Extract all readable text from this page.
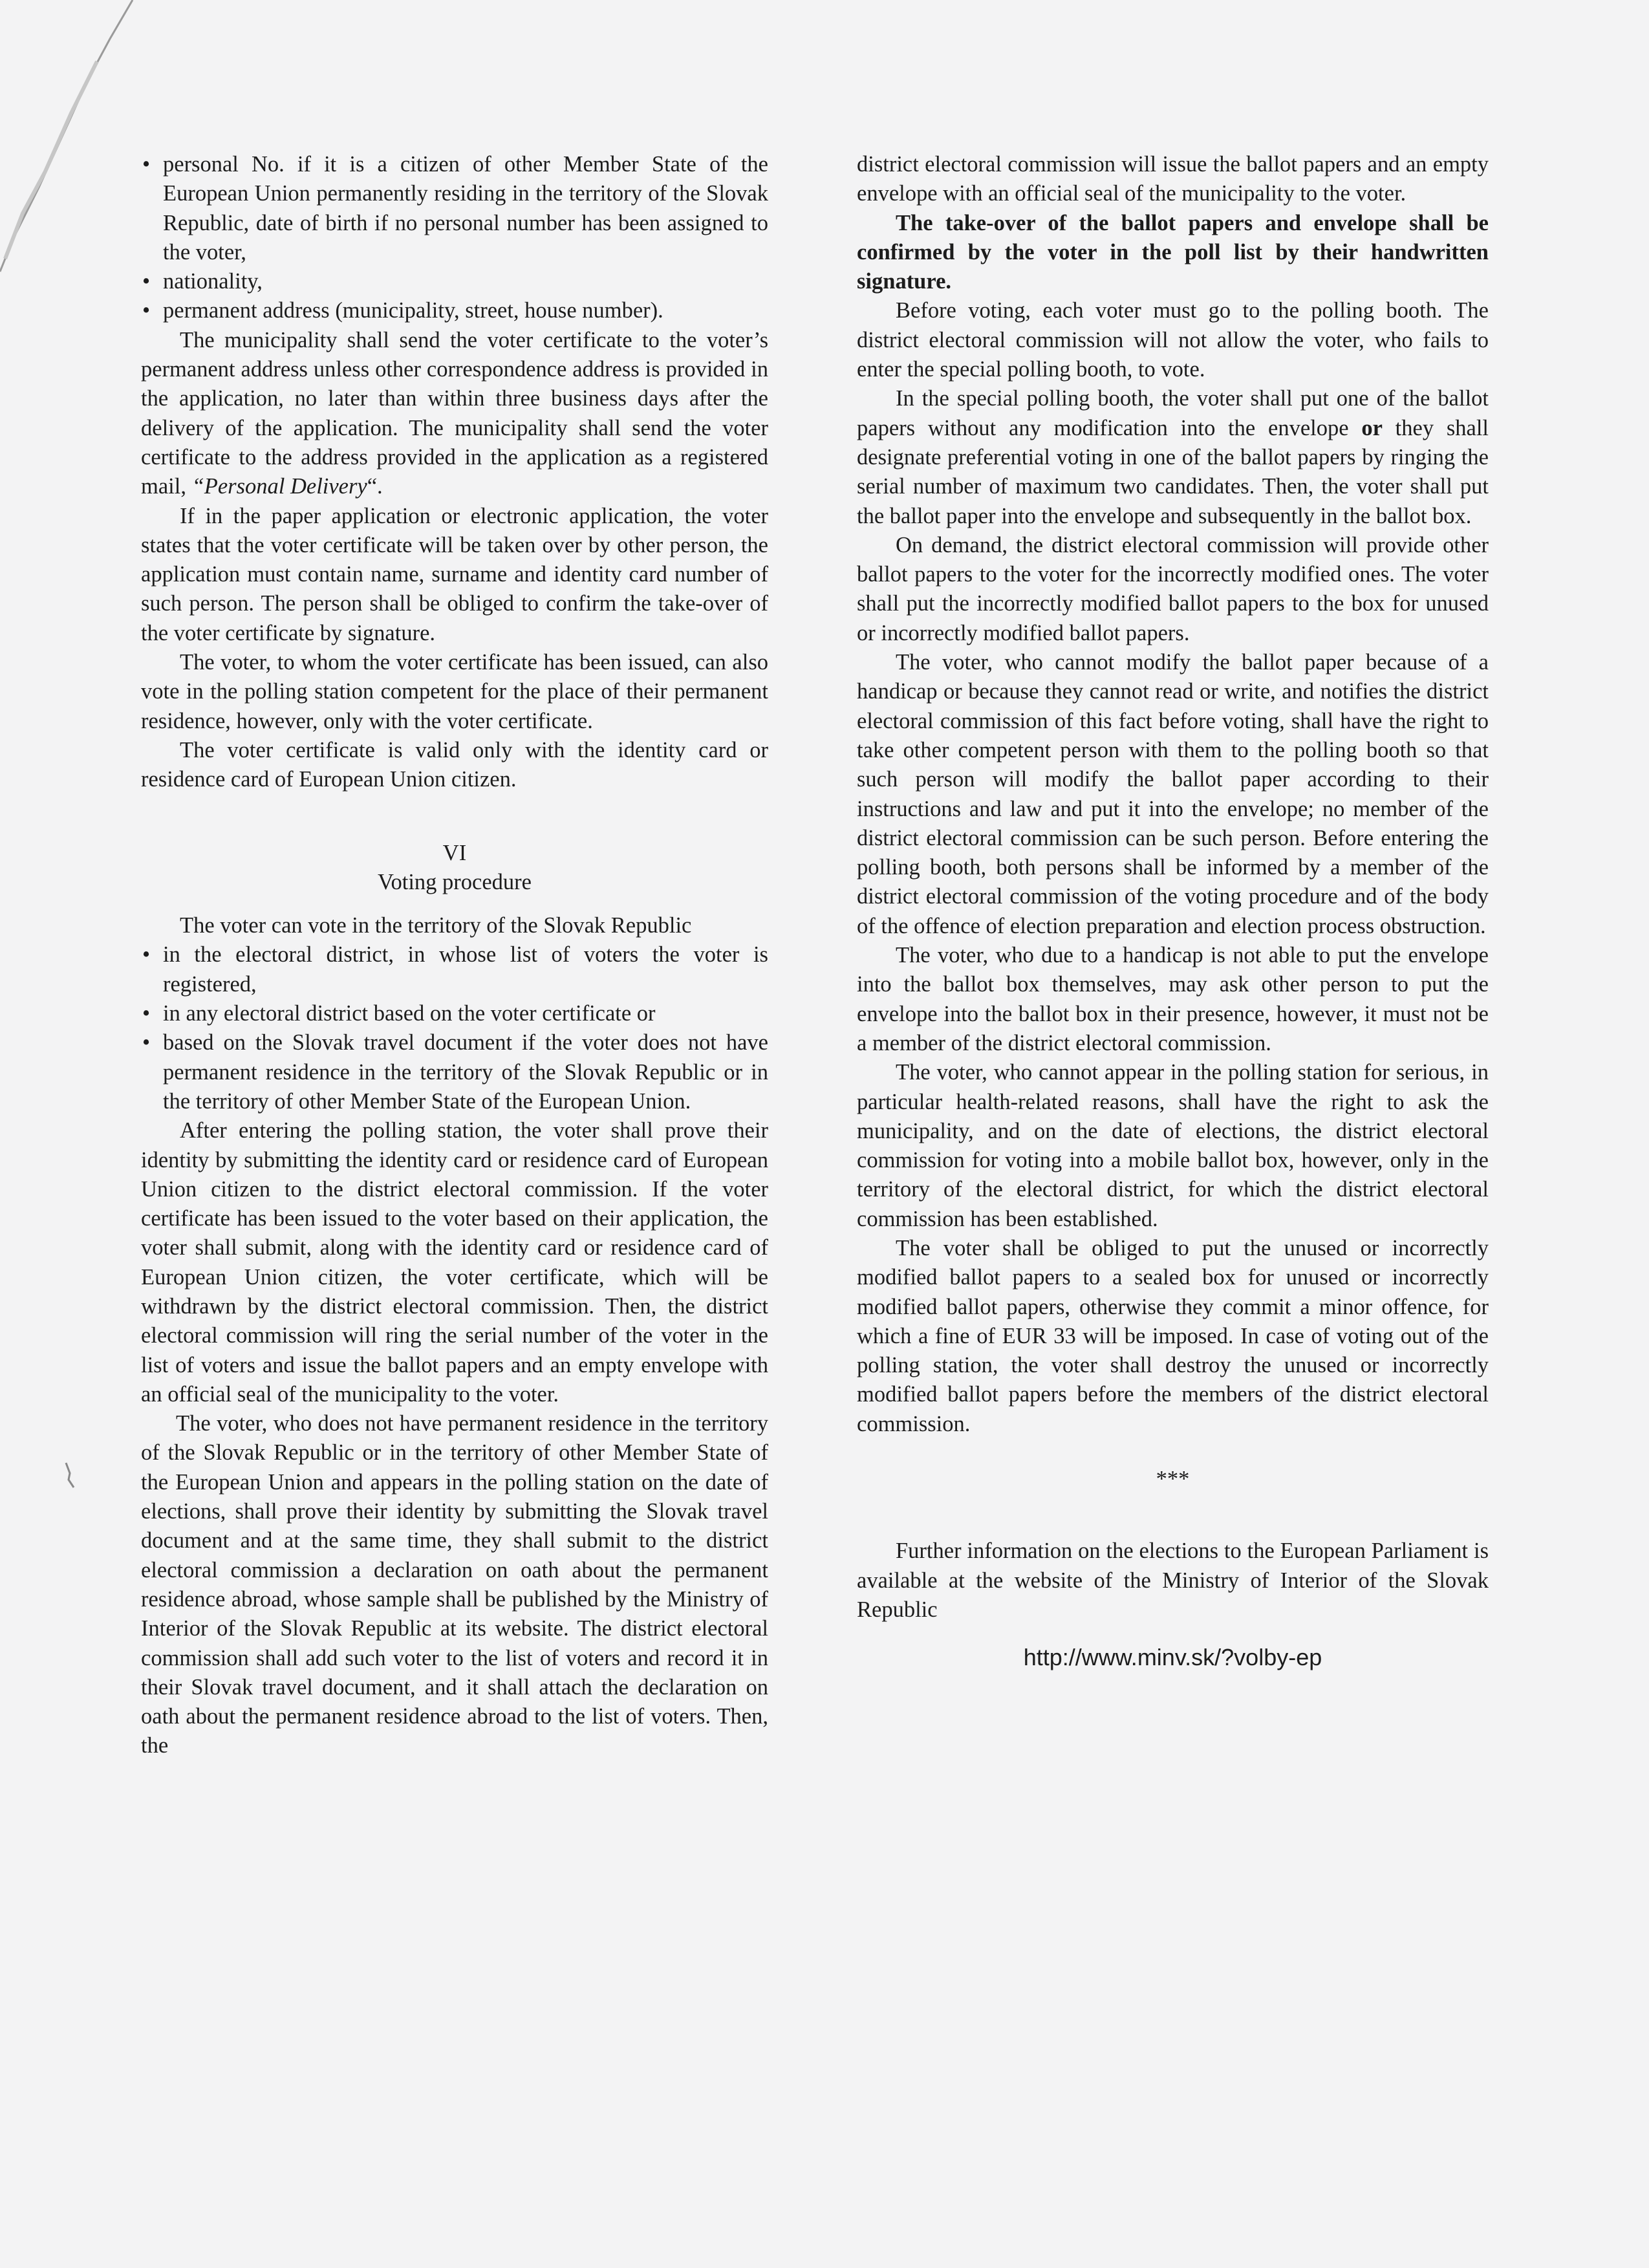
• personal No. if it is a citizen of other Member State of the European Union permanently residing in the territory of the Slovak Republic, date of birth if no personal number has been assigned to the voter,
• nationality,
• permanent address (municipality, street, house number).

The municipality shall send the voter certificate to the voter’s permanent address unless other correspondence address is provided in the application, no later than within three business days after the delivery of the application. The municipality shall send the voter certificate to the address provided in the application as a registered mail, “Personal Delivery“.

If in the paper application or electronic application, the voter states that the voter certificate will be taken over by other person, the application must contain name, surname and identity card number of such person. The person shall be obliged to confirm the take-over of the voter certificate by signature.

The voter, to whom the voter certificate has been issued, can also vote in the polling station competent for the place of their permanent residence, however, only with the voter certificate.

The voter certificate is valid only with the identity card or residence card of European Union citizen.

VI

Voting procedure

The voter can vote in the territory of the Slovak Republic

• in the electoral district, in whose list of voters the voter is registered,
• in any electoral district based on the voter certificate or
• based on the Slovak travel document if the voter does not have permanent residence in the territory of the Slovak Republic or in the territory of other Member State of the European Union.

After entering the polling station, the voter shall prove their identity by submitting the identity card or residence card of European Union citizen to the district electoral commission. If the voter certificate has been issued to the voter based on their application, the voter shall submit, along with the identity card or residence card of European Union citizen, the voter certificate, which will be withdrawn by the district electoral commission. Then, the district electoral commission will ring the serial number of the voter in the list of voters and issue the ballot papers and an empty envelope with an official seal of the municipality to the voter.

The voter, who does not have permanent residence in the territory of the Slovak Republic or in the territory of other Member State of the European Union and appears in the polling station on the date of elections, shall prove their identity by submitting the Slovak travel document and at the same time, they shall submit to the district electoral commission a declaration on oath about the permanent residence abroad, whose sample shall be published by the Ministry of Interior of the Slovak Republic at its website. The district electoral commission shall add such voter to the list of voters and record it in their Slovak travel document, and it shall attach the declaration on oath about the permanent residence abroad to the list of voters. Then, the

district electoral commission will issue the ballot papers and an empty envelope with an official seal of the municipality to the voter.

The take-over of the ballot papers and envelope shall be confirmed by the voter in the poll list by their handwritten signature.

Before voting, each voter must go to the polling booth. The district electoral commission will not allow the voter, who fails to enter the special polling booth, to vote.

In the special polling booth, the voter shall put one of the ballot papers without any modification into the envelope or they shall designate preferential voting in one of the ballot papers by ringing the serial number of maximum two candidates. Then, the voter shall put the ballot paper into the envelope and subsequently in the ballot box.

On demand, the district electoral commission will provide other ballot papers to the voter for the incorrectly modified ones. The voter shall put the incorrectly modified ballot papers to the box for unused or incorrectly modified ballot papers.

The voter, who cannot modify the ballot paper because of a handicap or because they cannot read or write, and notifies the district electoral commission of this fact before voting, shall have the right to take other competent person with them to the polling booth so that such person will modify the ballot paper according to their instructions and law and put it into the envelope; no member of the district electoral commission can be such person. Before entering the polling booth, both persons shall be informed by a member of the district electoral commission of the voting procedure and of the body of the offence of election preparation and election process obstruction.

The voter, who due to a handicap is not able to put the envelope into the ballot box themselves, may ask other person to put the envelope into the ballot box in their presence, however, it must not be a member of the district electoral commission.

The voter, who cannot appear in the polling station for serious, in particular health-related reasons, shall have the right to ask the municipality, and on the date of elections, the district electoral commission for voting into a mobile ballot box, however, only in the territory of the electoral district, for which the district electoral commission has been established.

The voter shall be obliged to put the unused or incorrectly modified ballot papers to a sealed box for unused or incorrectly modified ballot papers, otherwise they commit a minor offence, for which a fine of EUR 33 will be imposed. In case of voting out of the polling station, the voter shall destroy the unused or incorrectly modified ballot papers before the members of the district electoral commission.

***

Further information on the elections to the European Parliament is available at the website of the Ministry of Interior of the Slovak Republic

http://www.minv.sk/?volby-ep
